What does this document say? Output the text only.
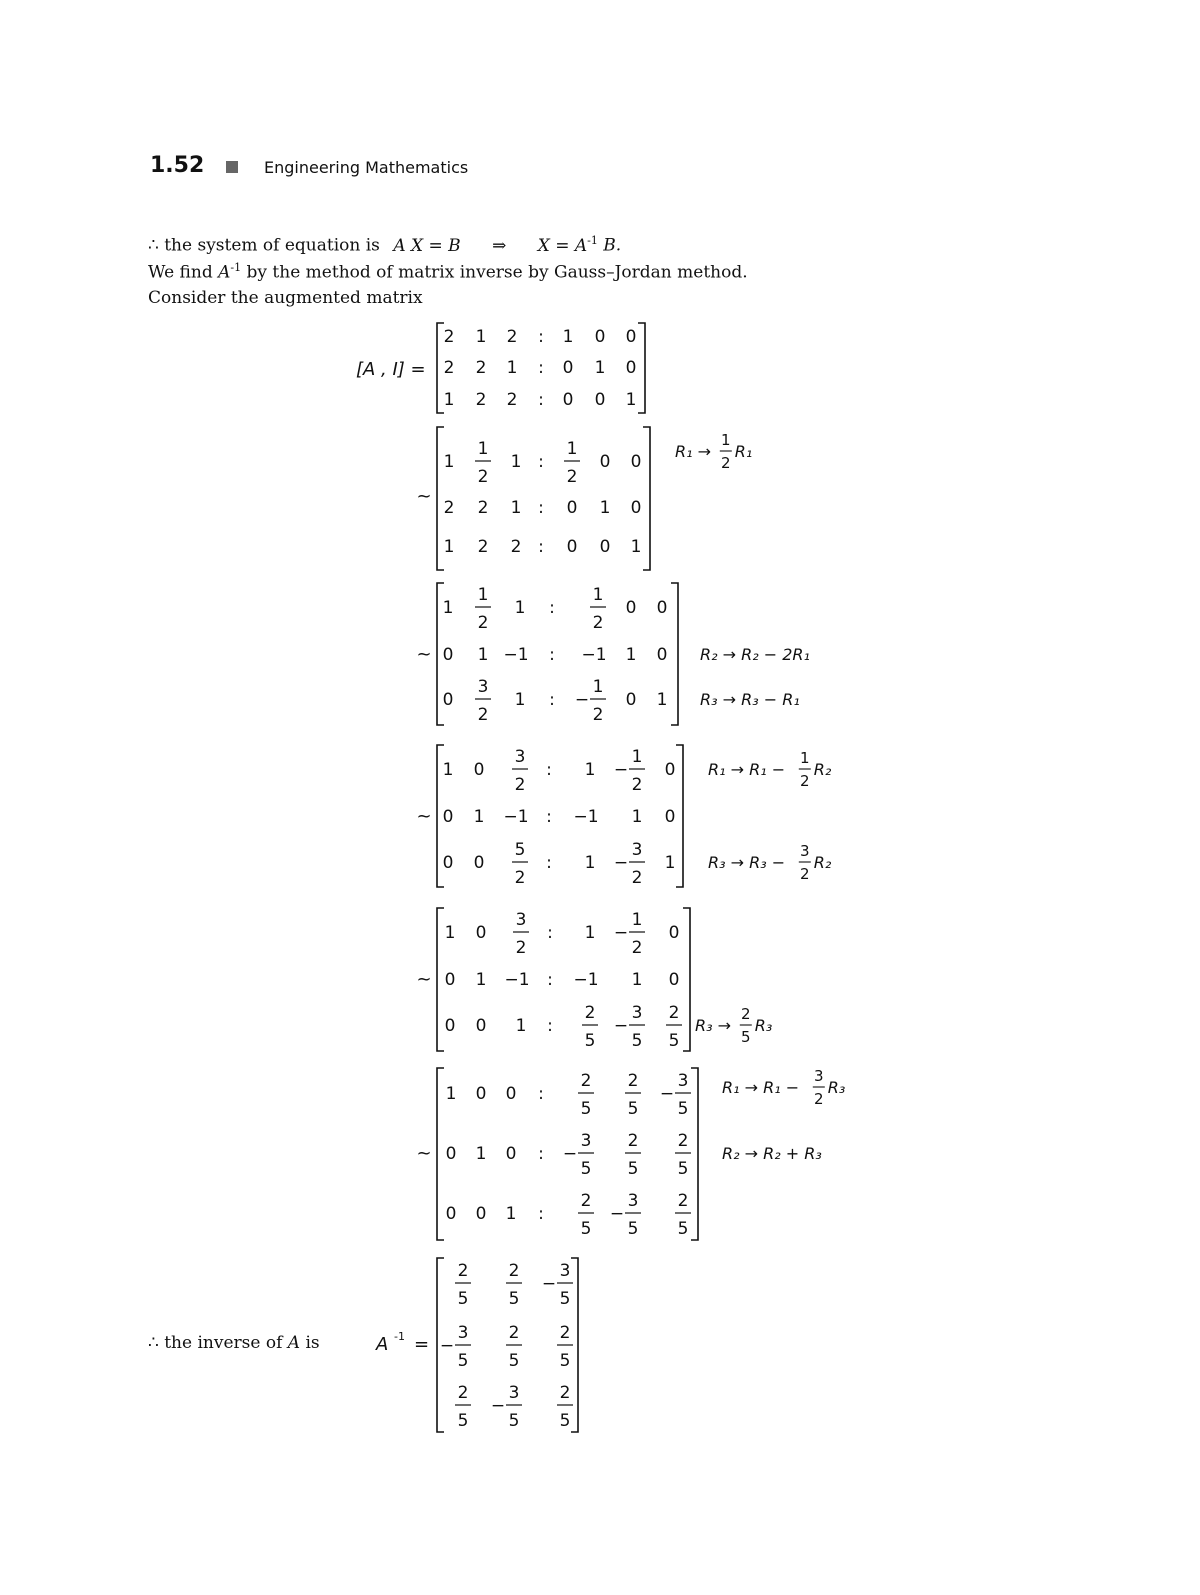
1.52	Engineering Mathematics
∴ the system of equation is A X = B ⇒ $X = A^{-1}$ B.
We find $A^{-1}$ by the method of matrix inverse by Gauss–Jordan method.
Consider the augmented matrix
∴ the inverse of A is
[A , I] =
2 1 2 : 1 0 0
2 2 1 : 0 1 0
1 2 2 : 0 0 1
1
1
2
1 :
1
2
0 0
2 2 1 : 0 1 0
1 2 2 : 0 0 1
~
R₁ →
1
2
R₁
1
1
2
1 :
1
2
0 0
0 1 −1 : −1 1 0
0
3
2
1 :
1
2
− 0 1
~	R₂ → R₂ − 2R₁
R₃ → R₃ − R₁
1 0
3
2
: 1
1
2
− 0
0 1 −1 : −1 1 0
0 0
5
2
: 1
3
2
− 1
~
R₁ → R₁ −
1
2
R₂
R₃ → R₃ −
3
2
R₂
1 0
3
2
: 1
1
2
− 0
0 1 −1 : −1 1 0
0 0 1 :
2
5
3
5
−
2
5
~
R₃ →
2
5
R₃
1 0 0 :
2
5
2
5
3
5
−
0 1 0 :
3
5
−
2
5
2
5
0 0 1 :
2
5
3
5
−
2
5
~
R₁ → R₁ −
3
2
R₃
R₂ → R₂ + R₃
A -1 =
2
5
2
5
3
5
−
3
5
−
2
5
2
5
2
5
3
5
−
2
5
